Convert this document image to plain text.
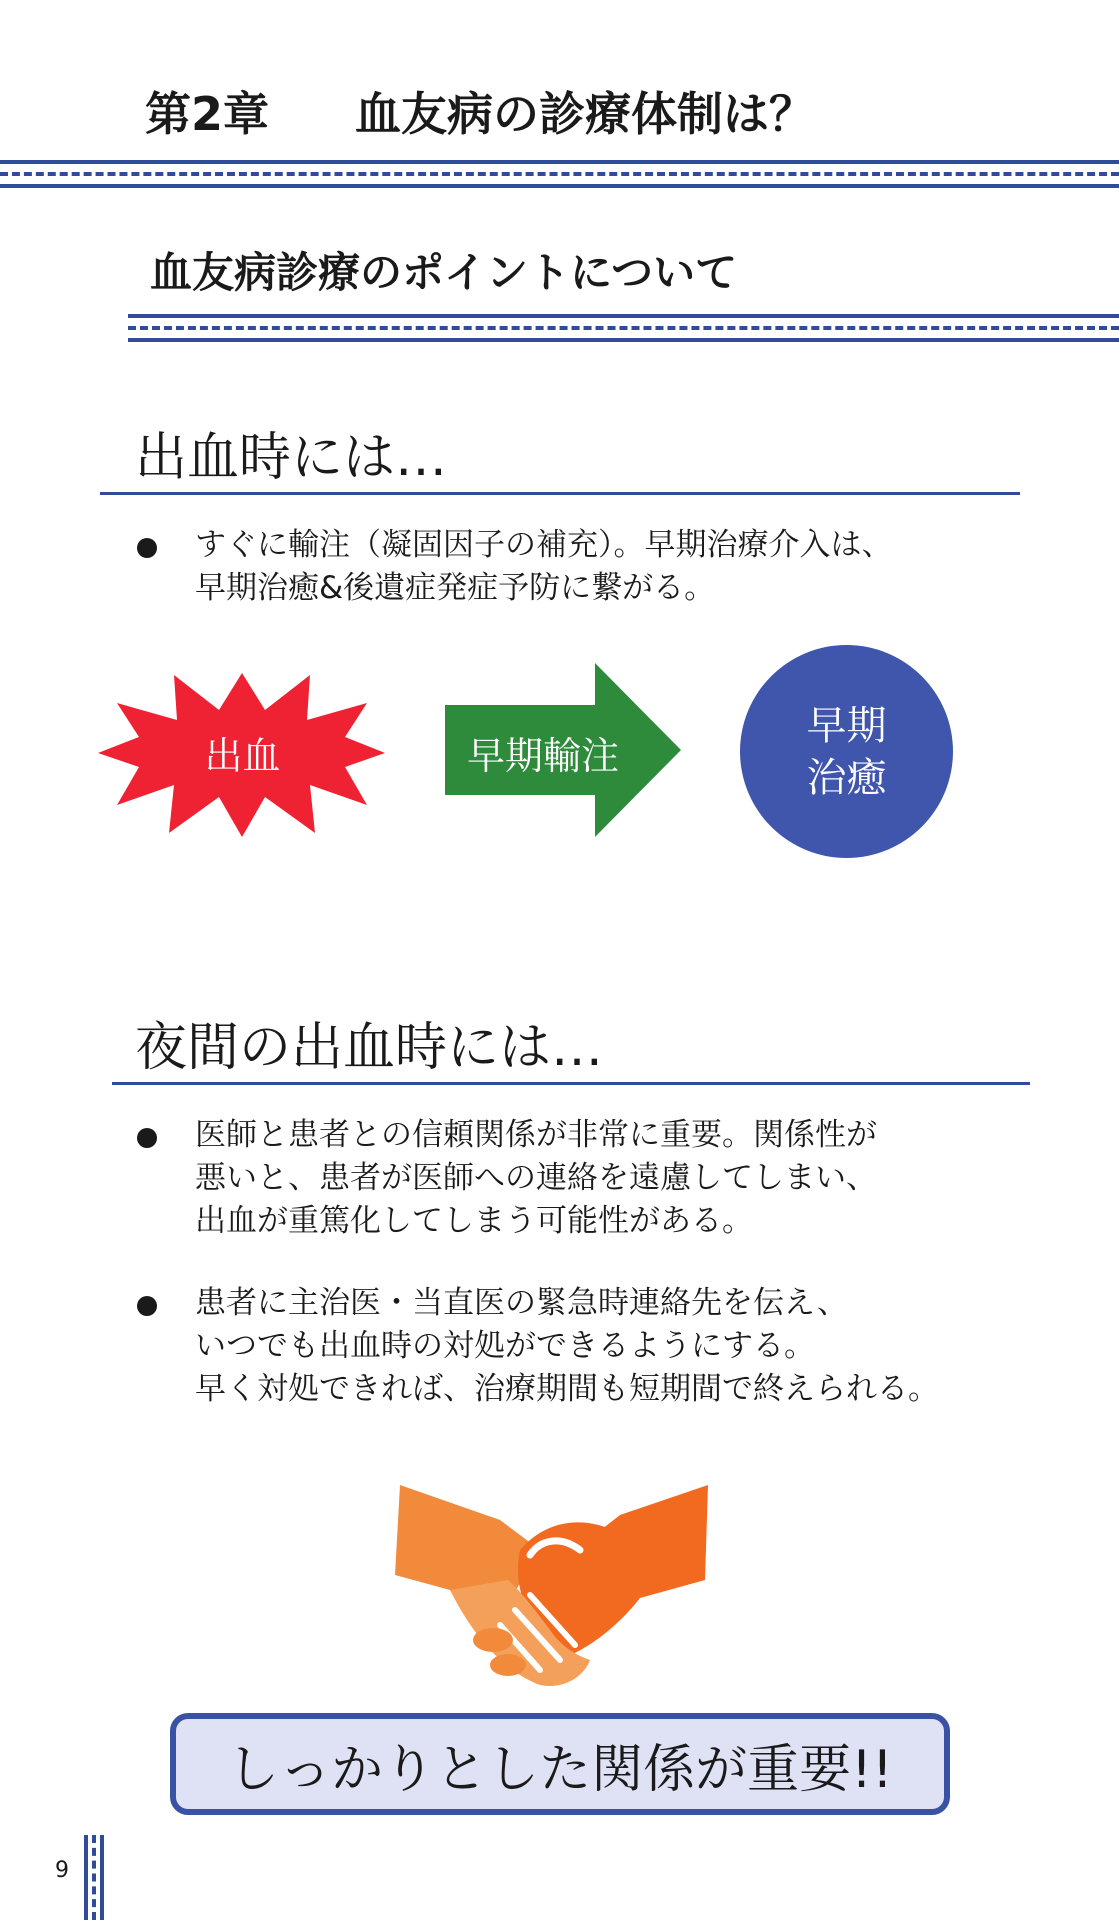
第2章 血友病の診療体制は？
血友病診療のポイントについて
出血時には…
すぐに輸注（凝固因子の補充）。早期治療介入は、
早期治癒&後遺症発症予防に繋がる。
出血	早期輸注
早期
治癒
夜間の出血時には…
医師と患者との信頼関係が非常に重要。関係性が
悪いと、患者が医師への連絡を遠慮してしまい、
出血が重篤化してしまう可能性がある。
患者に主治医・当直医の緊急時連絡先を伝え、
いつでも出血時の対処ができるようにする。
早く対処できれば、治療期間も短期間で終えられる。
しっかりとした関係が重要!!
9
